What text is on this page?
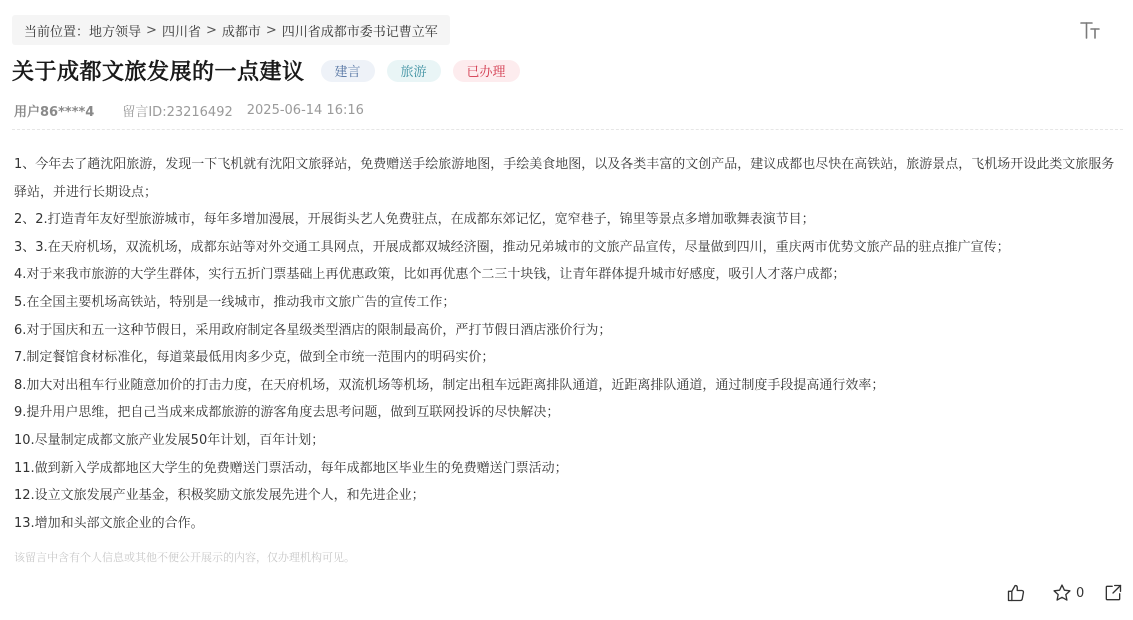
当前位置： 地方领导 > 四川省 > 成都市 > 四川省成都市委书记曹立军
关于成都文旅发展的一点建议	建言	旅游	已办理
用户86****4 留言ID:23216492 2025-06-14 16:16

1、今年去了趟沈阳旅游，发现一下飞机就有沈阳文旅驿站，免费赠送手绘旅游地图，手绘美食地图，以及各类丰富的文创产品，建议成都也尽快在高铁站，旅游景点，飞机场开设此类文旅服务驿站，并进行长期设点；

2、2.打造青年友好型旅游城市，每年多增加漫展，开展街头艺人免费驻点，在成都东郊记忆，宽窄巷子，锦里等景点多增加歌舞表演节目；

3、3.在天府机场，双流机场，成都东站等对外交通工具网点，开展成都双城经济圈，推动兄弟城市的文旅产品宣传，尽量做到四川，重庆两市优势文旅产品的驻点推广宣传；

4.对于来我市旅游的大学生群体，实行五折门票基础上再优惠政策，比如再优惠个二三十块钱，让青年群体提升城市好感度，吸引人才落户成都；

5.在全国主要机场高铁站，特别是一线城市，推动我市文旅广告的宣传工作；

6.对于国庆和五一这种节假日，采用政府制定各星级类型酒店的限制最高价，严打节假日酒店涨价行为；

7.制定餐馆食材标准化，每道菜最低用肉多少克，做到全市统一范围内的明码实价；

8.加大对出租车行业随意加价的打击力度，在天府机场，双流机场等机场，制定出租车远距离排队通道，近距离排队通道，通过制度手段提高通行效率；

9.提升用户思维，把自己当成来成都旅游的游客角度去思考问题，做到互联网投诉的尽快解决；

10.尽量制定成都文旅产业发展50年计划，百年计划；

11.做到新入学成都地区大学生的免费赠送门票活动，每年成都地区毕业生的免费赠送门票活动；

12.设立文旅发展产业基金，积极奖励文旅发展先进个人，和先进企业；

13.增加和头部文旅企业的合作。

该留言中含有个人信息或其他不便公开展示的内容，仅办理机构可见。
0
